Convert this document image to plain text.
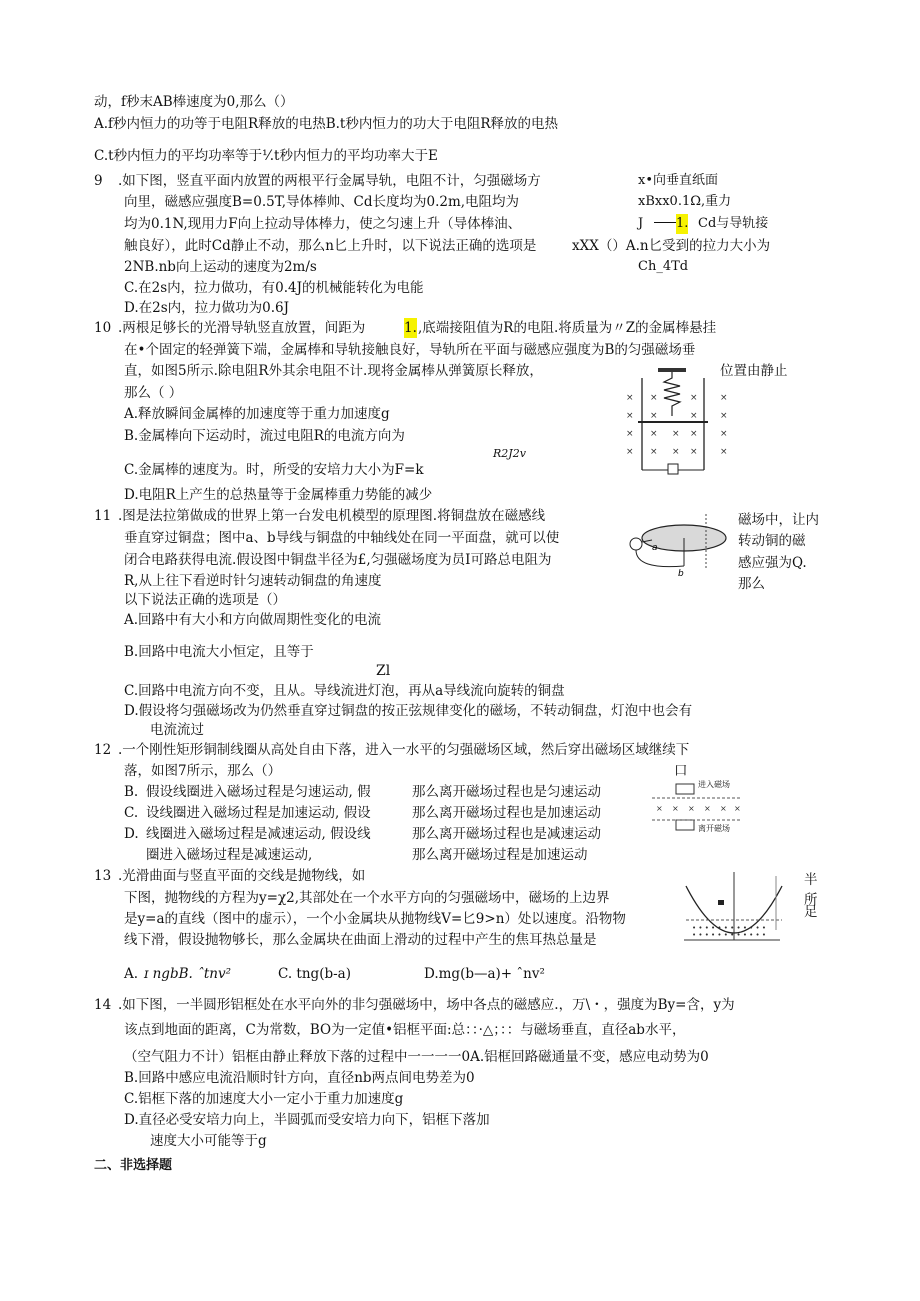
动，f秒末AB棒速度为0,那么（）
A.f秒内恒力的功等于电阻R释放的电热B.t秒内恒力的功大于电阻R释放的电热
C.t秒内恒力的平均功率等于⅟.t秒内恒力的平均功率大于E
9 .如下图，竖直平面内放置的两根平行金属导轨，电阻不计，匀强磁场方
向里，磁感应强度B=0.5T,导体棒帅、Cd长度均为0.2m,电阻均为
均为0.1N,现用力F向上拉动导体棒力，使之匀速上升（导体棒油、
触良好），此时Cd静止不动，那么n匕上升时，以下说法正确的选项是	xXX（）A.n匕受到的拉力大小为
2NB.nb向上运动的速度为2m/s
C.在2s内，拉力做功，有0.4J的机械能转化为电能
D.在2s内，拉力做功为0.6J
x•向垂直纸面
xBxx0.1Ω,重力
J	1. Cd与导轨接
Ch_4Td
10 .两根足够长的光滑导轨竖直放置，间距为	1. ,底端接阻值为R的电阻.将质量为〃Z的金属棒悬挂
在•个固定的轻弹簧下端，金属棒和导轨接触良好，导轨所在平面与磁感应强度为B的匀强磁场垂
直，如图5所示.除电阻R外其余电阻不计.现将金属棒从弹簧原长释放，	位置由静止
那么（ ）
A.释放瞬间金属棒的加速度等于重力加速度g
B.金属棒向下运动时，流过电阻R的电流方向为
R2J2v
C.金属棒的速度为。时，所受的安培力大小为F=k
D.电阻R上产生的总热量等于金属棒重力势能的减少
× ×	× ×
× ×	× ×
× × × × ×
× × × × ×
11 .图是法拉第做成的世界上第一台发电机模型的原理图.将铜盘放在磁感线
垂直穿过铜盘；图中a、b导线与铜盘的中轴线处在同一平面盘，就可以使
闭合电路获得电流.假设图中铜盘半径为£,匀强磁场度为员I可路总电阻为
R,从上往下看逆时针匀速转动铜盘的角速度
以下说法正确的选项是（）
A.回路中有大小和方向做周期性变化的电流
B.回路中电流大小恒定，且等于
Zl
C.回路中电流方向不变，且从。导线流进灯泡，再从a导线流向旋转的铜盘
D.假设将匀强磁场改为仍然垂直穿过铜盘的按正弦规律变化的磁场，不转动铜盘，灯泡中也会有
电流流过
磁场中，让内
转动铜的磁
感应强为Q.
那么
a
b
12 .一个刚性矩形铜制线圈从高处自由下落，进入一水平的匀强磁场区域，然后穿出磁场区域继续下
落，如图7所示，那么（）	口
B.
C.
D.
假设线圈进入磁场过程是匀速运动, 假
设线圈进入磁场过程是加速运动, 假设
线圈进入磁场过程是减速运动, 假设线
圈进入磁场过程是减速运动,
那么离开磁场过程也是匀速运动
那么离开磁场过程也是加速运动
那么离开磁场过程也是减速运动
那么离开磁场过程是加速运动
× × × × × ×
进入磁场
离开磁场
13 .光滑曲面与竖直平面的交线是抛物线，如
下图，抛物线的方程为y=χ2,其部处在一个水平方向的匀强磁场中，磁场的上边界
是y=a的直线（图中的虚示），一个小金属块从抛物线V=匕9>n）处以速度。沿物物
线下滑，假设抛物够长，那么金属块在曲面上滑动的过程中产生的焦耳热总量是
半
所
足
A. ɪ ngbB. ˆtnv²	C. tng(b-a)	D.mg(b—a)+ ˆnv²
• • • • • • • • • • • •
• • • • • • • • • • • •
14 .如下图，一半圆形铝框处在水平向外的非匀强磁场中，场中各点的磁感应.，万\・，强度为By=含，y为
该点到地面的距离，C为常数，BO为一定值•铝框平面:总：：·△；：：与磁场垂直，直径ab水平，
（空气阻力不计）铝框由静止释放下落的过程中一一一一0A.铝框回路磁通量不变，感应电动势为0
B.回路中感应电流沿顺时针方向，直径nb两点间电势差为0
C.铝框下落的加速度大小一定小于重力加速度g
D.直径必受安培力向上，半圆弧而受安培力向下，铝框下落加
速度大小可能等于g
二、非选择题
